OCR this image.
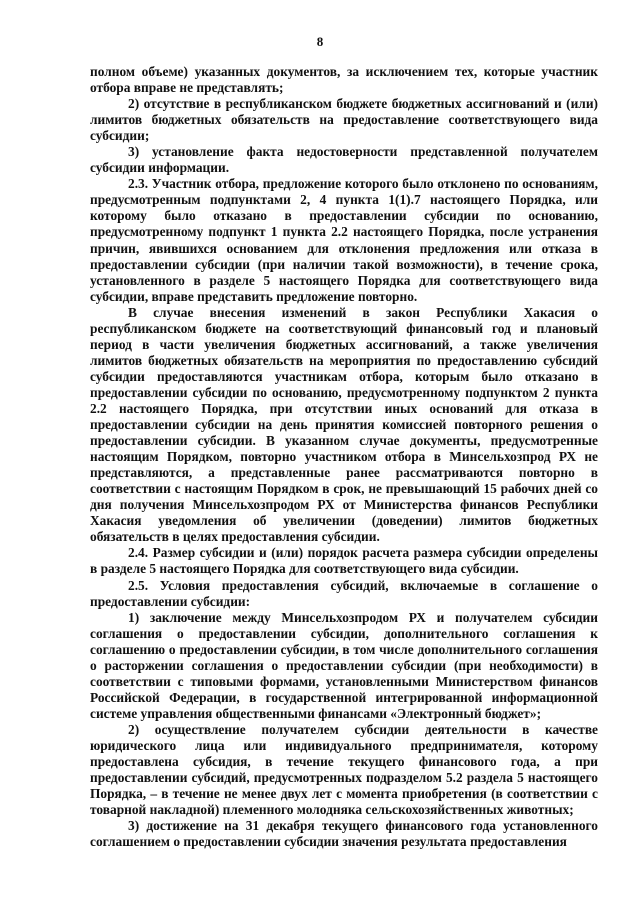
8

полном объеме) указанных документов, за исключением тех, которые участник отбора вправе не представлять;

2) отсутствие в республиканском бюджете бюджетных ассигнований и (или) лимитов бюджетных обязательств на предоставление соответствующего вида субсидии;

3) установление факта недостоверности представленной получателем субсидии информации.

2.3. Участник отбора, предложение которого было отклонено по основаниям, предусмотренным подпунктами 2, 4 пункта 1(1).7 настоящего Порядка, или которому было отказано в предоставлении субсидии по основанию, предусмотренному подпункт 1 пункта 2.2 настоящего Порядка, после устранения причин, явившихся основанием для отклонения предложения или отказа в предоставлении субсидии (при наличии такой возможности), в течение срока, установленного в разделе 5 настоящего Порядка для соответствующего вида субсидии, вправе представить предложение повторно.

В случае внесения изменений в закон Республики Хакасия о республиканском бюджете на соответствующий финансовый год и плановый период в части увеличения бюджетных ассигнований, а также увеличения лимитов бюджетных обязательств на мероприятия по предоставлению субсидий субсидии предоставляются участникам отбора, которым было отказано в предоставлении субсидии по основанию, предусмотренному подпунктом 2 пункта 2.2 настоящего Порядка, при отсутствии иных оснований для отказа в предоставлении субсидии на день принятия комиссией повторного решения о предоставлении субсидии. В указанном случае документы, предусмотренные настоящим Порядком, повторно участником отбора в Минсельхозпрод РХ не представляются, а представленные ранее рассматриваются повторно в соответствии с настоящим Порядком в срок, не превышающий 15 рабочих дней со дня получения Минсельхозпродом РХ от Министерства финансов Республики Хакасия уведомления об увеличении (доведении) лимитов бюджетных обязательств в целях предоставления субсидии.

2.4. Размер субсидии и (или) порядок расчета размера субсидии определены в разделе 5 настоящего Порядка для соответствующего вида субсидии.

2.5. Условия предоставления субсидий, включаемые в соглашение о предоставлении субсидии:

1) заключение между Минсельхозпродом РХ и получателем субсидии соглашения о предоставлении субсидии, дополнительного соглашения к соглашению о предоставлении субсидии, в том числе дополнительного соглашения о расторжении соглашения о предоставлении субсидии (при необходимости) в соответствии с типовыми формами, установленными Министерством финансов Российской Федерации, в государственной интегрированной информационной системе управления общественными финансами «Электронный бюджет»;

2) осуществление получателем субсидии деятельности в качестве юридического лица или индивидуального предпринимателя, которому предоставлена субсидия, в течение текущего финансового года, а при предоставлении субсидий, предусмотренных подразделом 5.2 раздела 5 настоящего Порядка, – в течение не менее двух лет с момента приобретения (в соответствии с товарной накладной) племенного молодняка сельскохозяйственных животных;

3) достижение на 31 декабря текущего финансового года установленного соглашением о предоставлении субсидии значения результата предоставления
